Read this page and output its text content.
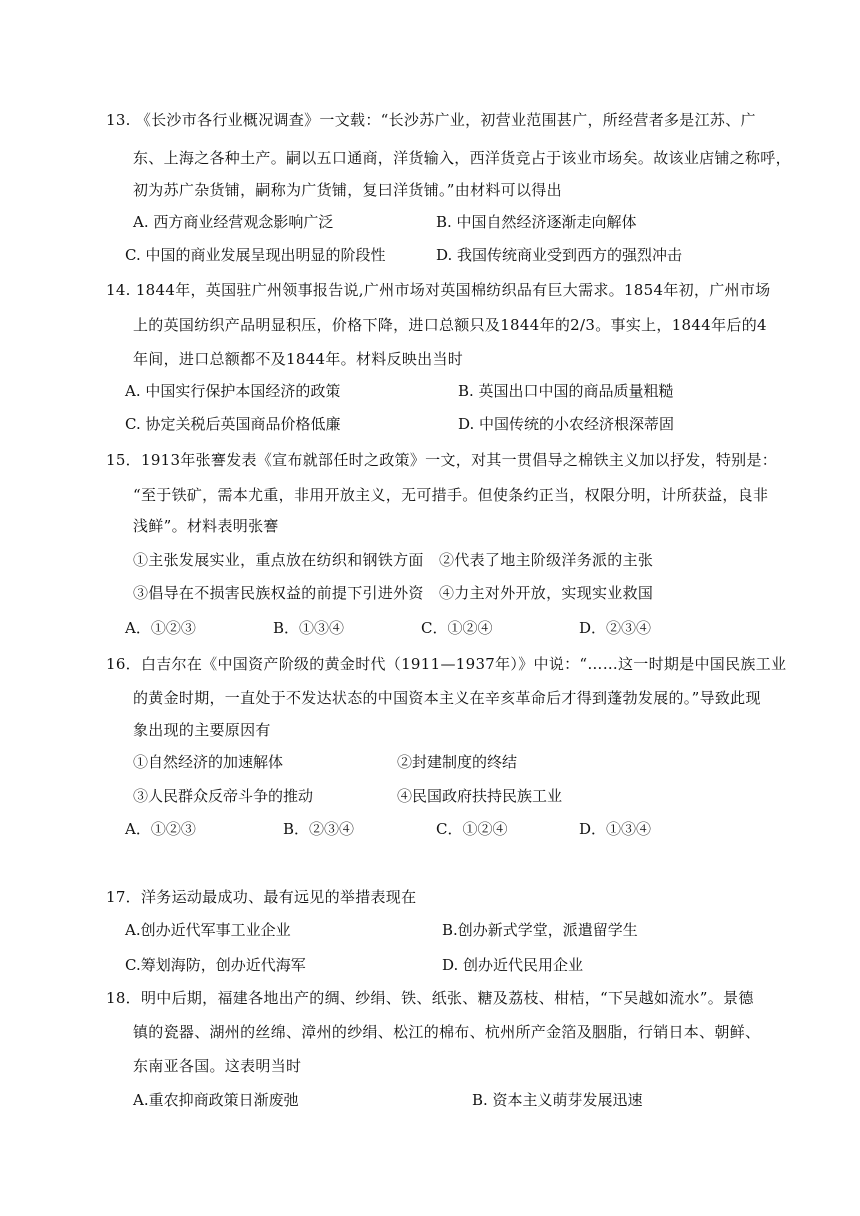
13. 《长沙市各行业概况调查》一文载：“长沙苏广业，初营业范围甚广，所经营者多是江苏、广
东、上海之各种土产。嗣以五口通商，洋货输入，西洋货竞占于该业市场矣。故该业店铺之称呼，
初为苏广杂货铺，嗣称为广货铺，复曰洋货铺。”由材料可以得出
A. 西方商业经营观念影响广泛	B. 中国自然经济逐渐走向解体
C. 中国的商业发展呈现出明显的阶段性	D. 我国传统商业受到西方的强烈冲击
14. 1844年，英国驻广州领事报告说,广州市场对英国棉纺织品有巨大需求。1854年初，广州市场
上的英国纺织产品明显积压，价格下降，进口总额只及1844年的2/3。事实上，1844年后的4
年间，进口总额都不及1844年。材料反映出当时
A. 中国实行保护本国经济的政策	B. 英国出口中国的商品质量粗糙
C. 协定关税后英国商品价格低廉	D. 中国传统的小农经济根深蒂固
15．1913年张謇发表《宣布就部任时之政策》一文，对其一贯倡导之棉铁主义加以抒发，特别是：
“至于铁矿，需本尤重，非用开放主义，无可措手。但使条约正当，权限分明，计所获益，良非
浅鲜”。材料表明张謇
①主张发展实业，重点放在纺织和钢铁方面　②代表了地主阶级洋务派的主张
③倡导在不损害民族权益的前提下引进外资　④力主对外开放，实现实业救国
A．①②③	B．①③④	C．①②④	D．②③④
16．白吉尔在《中国资产阶级的黄金时代（1911—1937年）》中说：“……这一时期是中国民族工业
的黄金时期，一直处于不发达状态的中国资本主义在辛亥革命后才得到蓬勃发展的。”导致此现
象出现的主要原因有
①自然经济的加速解体	②封建制度的终结
③人民群众反帝斗争的推动	④民国政府扶持民族工业
A．①②③	B．②③④	C．①②④	D．①③④
17．洋务运动最成功、最有远见的举措表现在
A.创办近代军事工业企业	B.创办新式学堂，派遣留学生
C.筹划海防，创办近代海军	D. 创办近代民用企业
18．明中后期，福建各地出产的绸、纱绢、铁、纸张、糖及荔枝、柑桔，“下吴越如流水”。景德
镇的瓷器、湖州的丝绵、漳州的纱绢、松江的棉布、杭州所产金箔及胭脂，行销日本、朝鲜、
东南亚各国。这表明当时
A.重农抑商政策日渐废弛	B. 资本主义萌芽发展迅速
